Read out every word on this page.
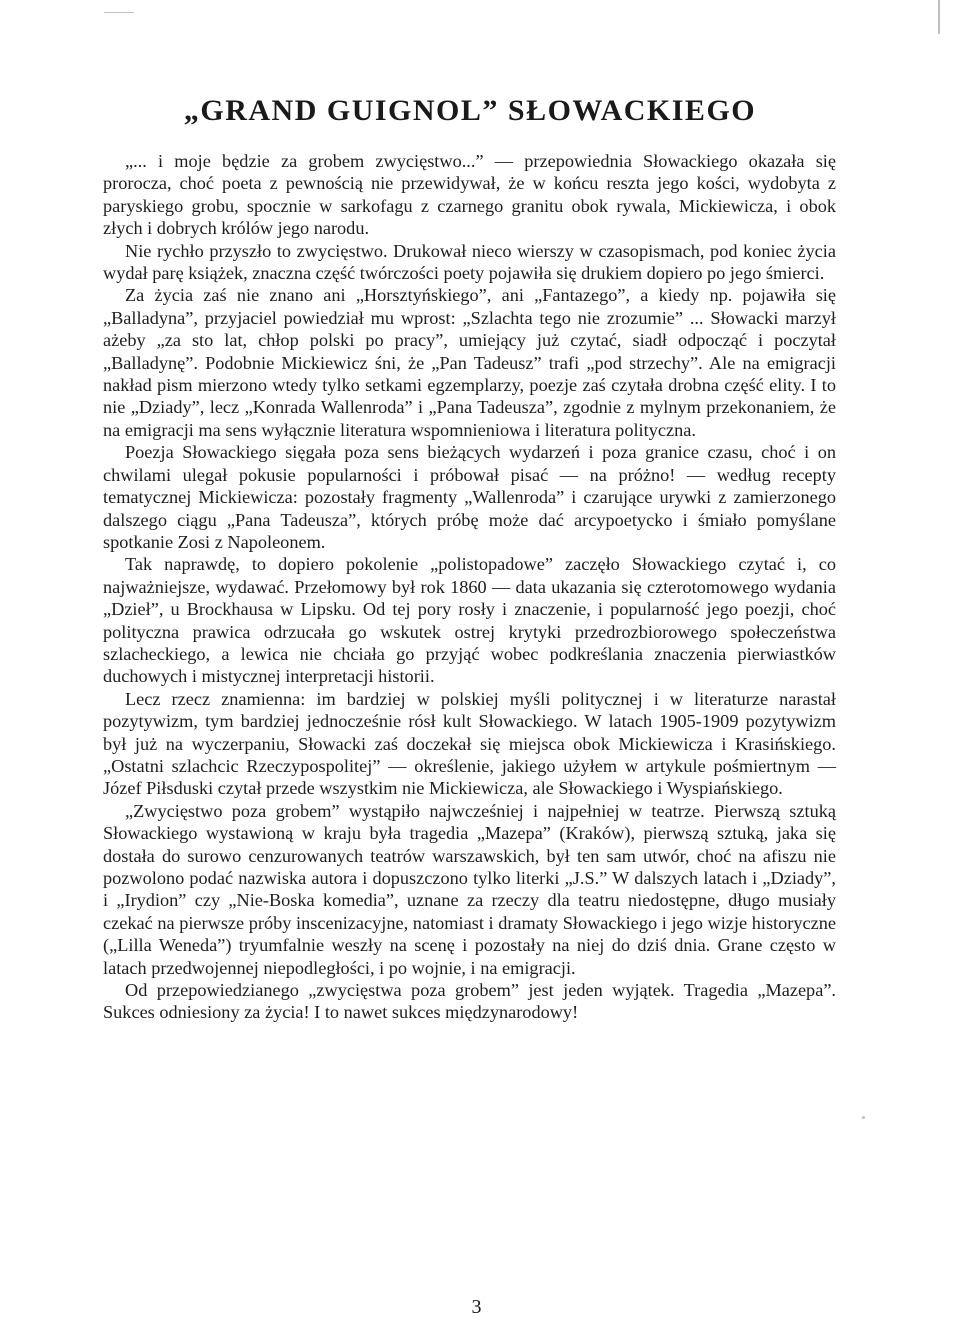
„GRAND GUIGNOL” SŁOWACKIEGO

„... i moje będzie za grobem zwycięstwo...” — przepowiednia Słowackiego okazała się prorocza, choć poeta z pewnością nie przewidywał, że w końcu reszta jego kości, wydobyta z paryskiego grobu, spocznie w sarkofagu z czarnego granitu obok rywala, Mickiewicza, i obok złych i dobrych królów jego narodu.

Nie rychło przyszło to zwycięstwo. Drukował nieco wierszy w czasopismach, pod koniec życia wydał parę książek, znaczna część twórczości poety pojawiła się drukiem dopiero po jego śmierci.

Za życia zaś nie znano ani „Horsztyńskiego”, ani „Fantazego”, a kiedy np. pojawiła się „Balladyna”, przyjaciel powiedział mu wprost: „Szlachta tego nie zrozumie” ... Słowacki marzył ażeby „za sto lat, chłop polski po pracy”, umiejący już czytać, siadł odpocząć i poczytał „Balladynę”. Podobnie Mickiewicz śni, że „Pan Tadeusz” trafi „pod strzechy”. Ale na emigracji nakład pism mierzono wtedy tylko setkami egzemplarzy, poezje zaś czytała drobna część elity. I to nie „Dziady”, lecz „Konrada Wallenroda” i „Pana Tadeusza”, zgodnie z mylnym przekonaniem, że na emigracji ma sens wyłącznie literatura wspomnieniowa i literatura polityczna.

Poezja Słowackiego sięgała poza sens bieżących wydarzeń i poza granice czasu, choć i on chwilami ulegał pokusie popularności i próbował pisać — na próżno! — według recepty tematycznej Mickiewicza: pozostały fragmenty „Wallenroda” i czarujące urywki z zamierzonego dalszego ciągu „Pana Tadeusza”, których próbę może dać arcypoetycko i śmiało pomyślane spotkanie Zosi z Napoleonem.

Tak naprawdę, to dopiero pokolenie „polistopadowe” zaczęło Słowackiego czytać i, co najważniejsze, wydawać. Przełomowy był rok 1860 — data ukazania się czterotomowego wydania „Dzieł”, u Brockhausa w Lipsku. Od tej pory rosły i znaczenie, i popularność jego poezji, choć polityczna prawica odrzucała go wskutek ostrej krytyki przedrozbiorowego społeczeństwa szlacheckiego, a lewica nie chciała go przyjąć wobec podkreślania znaczenia pierwiastków duchowych i mistycznej interpretacji historii.

Lecz rzecz znamienna: im bardziej w polskiej myśli politycznej i w literaturze narastał pozytywizm, tym bardziej jednocześnie rósł kult Słowackiego. W latach 1905-1909 pozytywizm był już na wyczerpaniu, Słowacki zaś doczekał się miejsca obok Mickiewicza i Krasińskiego. „Ostatni szlachcic Rzeczypospolitej” — określenie, jakiego użyłem w artykule pośmiertnym — Józef Piłsduski czytał przede wszystkim nie Mickiewicza, ale Słowackiego i Wyspiańskiego.

„Zwycięstwo poza grobem” wystąpiło najwcześniej i najpełniej w teatrze. Pierwszą sztuką Słowackiego wystawioną w kraju była tragedia „Mazepa” (Kraków), pierwszą sztuką, jaka się dostała do surowo cenzurowanych teatrów warszawskich, był ten sam utwór, choć na afiszu nie pozwolono podać nazwiska autora i dopuszczono tylko literki „J.S.” W dalszych latach i „Dziady”, i „Irydion” czy „Nie-Boska komedia”, uznane za rzeczy dla teatru niedostępne, długo musiały czekać na pierwsze próby inscenizacyjne, natomiast i dramaty Słowackiego i jego wizje historyczne („Lilla Weneda”) tryumfalnie weszły na scenę i pozostały na niej do dziś dnia. Grane często w latach przedwojennej niepodległości, i po wojnie, i na emigracji.

Od przepowiedzianego „zwycięstwa poza grobem” jest jeden wyjątek. Tragedia „Mazepa”. Sukces odniesiony za życia! I to nawet sukces międzynarodowy!

3
